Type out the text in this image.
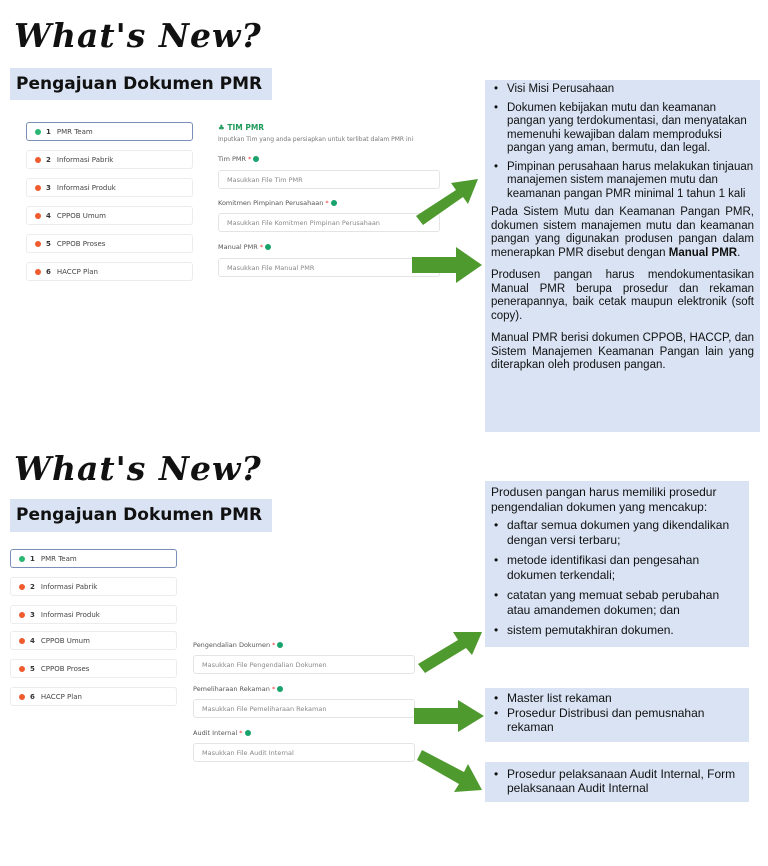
What's New?
Pengajuan Dokumen PMR
1 PMR Team
2 Informasi Pabrik
3 Informasi Produk
4 CPPOB Umum
5 CPPOB Proses
6 HACCP Plan
♣ TIM PMR
Inputkan Tim yang anda persiapkan untuk terlibat dalam PMR ini
Tim PMR *
Masukkan File Tim PMR
Komitmen Pimpinan Perusahaan *
Masukkan File Komitmen Pimpinan Perusahaan
Manual PMR *
Masukkan File Manual PMR
• Visi Misi Perusahaan
• Dokumen kebijakan mutu dan keamanan pangan yang terdokumentasi, dan menyatakan memenuhi kewajiban dalam memproduksi pangan yang aman, bermutu, dan legal.
• Pimpinan perusahaan harus melakukan tinjauan manajemen sistem manajemen mutu dan keamanan pangan PMR minimal 1 tahun 1 kali

Pada Sistem Mutu dan Keamanan Pangan PMR, dokumen sistem manajemen mutu dan keamanan pangan yang digunakan produsen pangan dalam menerapkan PMR disebut dengan Manual PMR.

Produsen pangan harus mendokumentasikan Manual PMR berupa prosedur dan rekaman penerapannya, baik cetak maupun elektronik (soft copy).

Manual PMR berisi dokumen CPPOB, HACCP, dan Sistem Manajemen Keamanan Pangan lain yang diterapkan oleh produsen pangan.

What's New?
Pengajuan Dokumen PMR
1 PMR Team
2 Informasi Pabrik
3 Informasi Produk
4 CPPOB Umum
5 CPPOB Proses
6 HACCP Plan
Pengendalian Dokumen *
Masukkan File Pengendalian Dokumen
Pemeliharaan Rekaman *
Masukkan File Pemeliharaan Rekaman
Audit Internal *
Masukkan File Audit Internal

Produsen pangan harus memiliki prosedur pengendalian dokumen yang mencakup:

• daftar semua dokumen yang dikendalikan dengan versi terbaru;
• metode identifikasi dan pengesahan dokumen terkendali;
• catatan yang memuat sebab perubahan atau amandemen dokumen; dan
• sistem pemutakhiran dokumen.
• Master list rekaman
• Prosedur Distribusi dan pemusnahan rekaman
• Prosedur pelaksanaan Audit Internal, Form pelaksanaan Audit Internal
